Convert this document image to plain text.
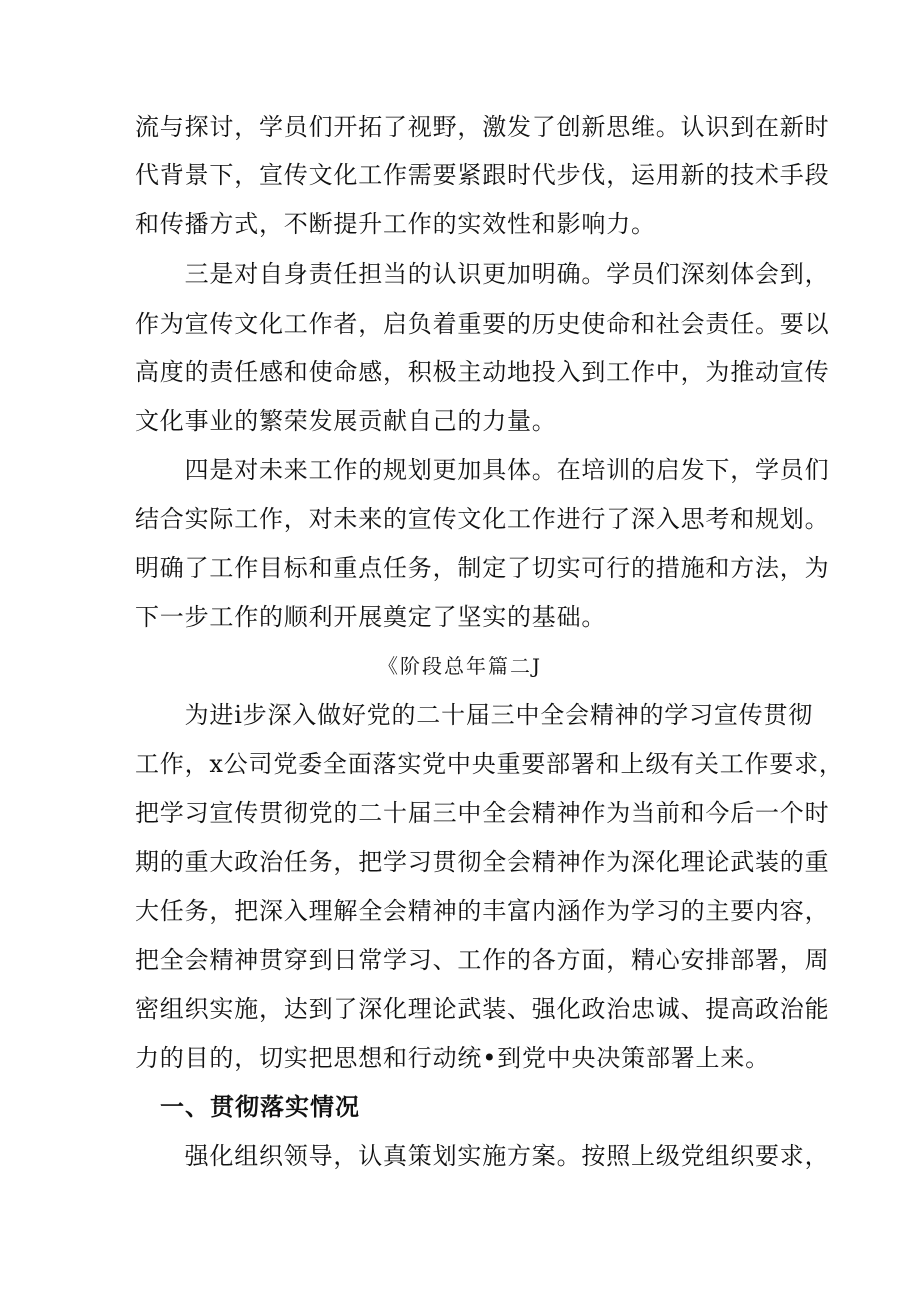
流与探讨，学员们开拓了视野，激发了创新思维。认识到在新时
代背景下，宣传文化工作需要紧跟时代步伐，运用新的技术手段
和传播方式，不断提升工作的实效性和影响力。
　　三是对自身责任担当的认识更加明确。学员们深刻体会到，
作为宣传文化工作者，启负着重要的历史使命和社会责任。要以
高度的责任感和使命感，积极主动地投入到工作中，为推动宣传
文化事业的繁荣发展贡献自己的力量。
　　四是对未来工作的规划更加具体。在培训的启发下，学员们
结合实际工作，对未来的宣传文化工作进行了深入思考和规划。
明确了工作目标和重点任务，制定了切实可行的措施和方法，为
下一步工作的顺利开展奠定了坚实的基础。
《阶段总年篇二J
　　为进i步深入做好党的二十届三中全会精神的学习宣传贯彻
工作，x公司党委全面落实党中央重要部署和上级有关工作要求，
把学习宣传贯彻党的二十届三中全会精神作为当前和今后一个时
期的重大政治任务，把学习贯彻全会精神作为深化理论武装的重
大任务，把深入理解全会精神的丰富内涵作为学习的主要内容，
把全会精神贯穿到日常学习、工作的各方面，精心安排部署，周
密组织实施，达到了深化理论武装、强化政治忠诚、提高政治能
力的目的，切实把思想和行动统•到党中央决策部署上来。
　一、贯彻落实情况
　　强化组织领导，认真策划实施方案。按照上级党组织要求，
